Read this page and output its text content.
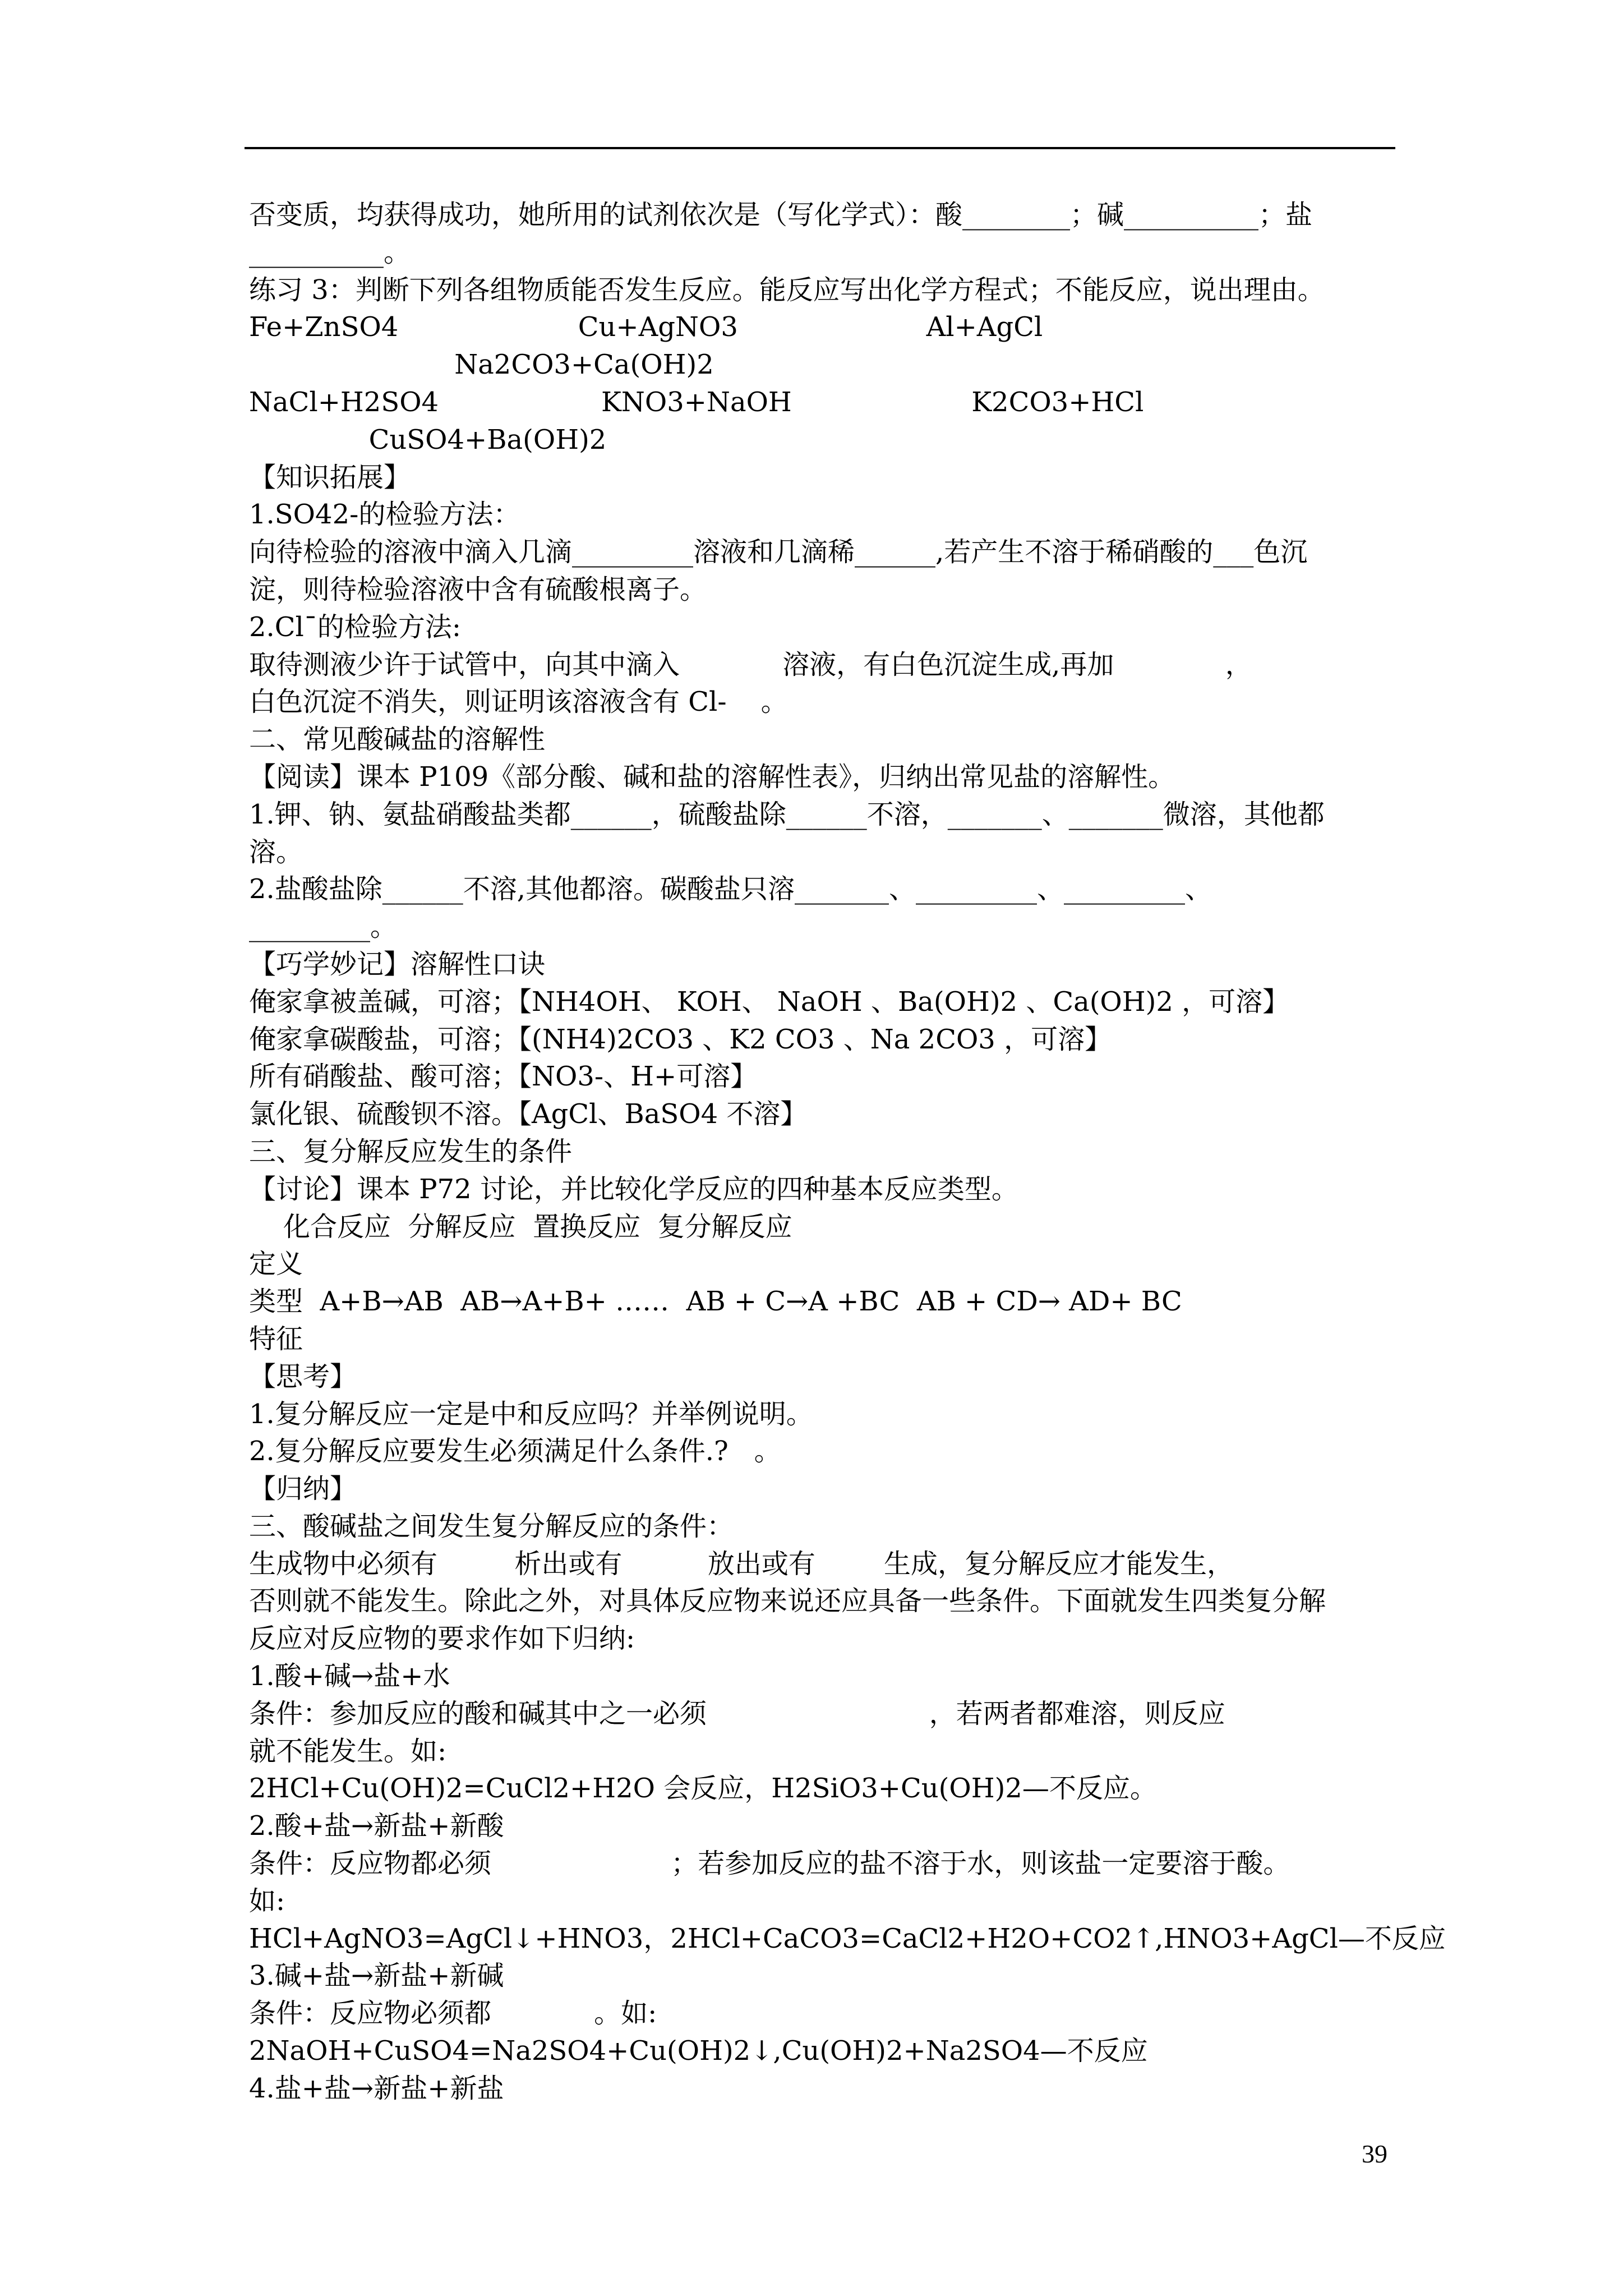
否变质，均获得成功，她所用的试剂依次是（写化学式）：酸________；碱__________；盐

__________。

练习 3：判断下列各组物质能否发生反应。能反应写出化学方程式；不能反应，说出理由。

Fe+ZnSO4                     Cu+AgNO3                      Al+AgCl

Na2CO3+Ca(OH)2

NaCl+H2SO4                   KNO3+NaOH                     K2CO3+HCl

CuSO4+Ba(OH)2

【知识拓展】

1.SO42-的检验方法：

向待检验的溶液中滴入几滴_________溶液和几滴稀______,若产生不溶于稀硝酸的___色沉

淀，则待检验溶液中含有硫酸根离子。

2.Cl¯的检验方法:

取待测液少许于试管中，向其中滴入            溶液，有白色沉淀生成,再加             ，

白色沉淀不消失，则证明该溶液含有 Cl-    。

二、常见酸碱盐的溶解性

【阅读】课本 P109《部分酸、碱和盐的溶解性表》，归纳出常见盐的溶解性。

1.钾、钠、氨盐硝酸盐类都______，硫酸盐除______不溶，_______、_______微溶，其他都

溶。

2.盐酸盐除______不溶,其他都溶。碳酸盐只溶_______、_________、_________、

_________。

【巧学妙记】溶解性口诀

俺家拿被盖碱，可溶；【NH4OH、 KOH、 NaOH 、Ba(OH)2 、Ca(OH)2 ，可溶】

俺家拿碳酸盐，可溶；【(NH4)2CO3 、K2 CO3 、Na 2CO3 ，可溶】

所有硝酸盐、酸可溶；【NO3-、H+可溶】

氯化银、硫酸钡不溶。【AgCl、BaSO4 不溶】

三、复分解反应发生的条件

【讨论】课本 P72 讨论，并比较化学反应的四种基本反应类型。

化合反应  分解反应  置换反应  复分解反应

定义

类型  A+B→AB  AB→A+B+ ……  AB + C→A +BC  AB + CD→ AD+ BC

特征

【思考】

1.复分解反应一定是中和反应吗？并举例说明。

2.复分解反应要发生必须满足什么条件.?   。

【归纳】

三、酸碱盐之间发生复分解反应的条件：

生成物中必须有         析出或有          放出或有        生成，复分解反应才能发生，

否则就不能发生。除此之外，对具体反应物来说还应具备一些条件。下面就发生四类复分解

反应对反应物的要求作如下归纳:

1.酸+碱→盐+水

条件：参加反应的酸和碱其中之一必须                          ，若两者都难溶，则反应

就不能发生。如:

2HCl+Cu(OH)2=CuCl2+H2O 会反应，H2SiO3+Cu(OH)2—不反应。

2.酸+盐→新盐+新酸

条件：反应物都必须                     ；若参加反应的盐不溶于水，则该盐一定要溶于酸。

如:

HCl+AgNO3=AgCl↓+HNO3，2HCl+CaCO3=CaCl2+H2O+CO2↑,HNO3+AgCl—不反应

3.碱+盐→新盐+新碱

条件：反应物必须都            。如:

2NaOH+CuSO4=Na2SO4+Cu(OH)2↓,Cu(OH)2+Na2SO4—不反应

4.盐+盐→新盐+新盐

39
